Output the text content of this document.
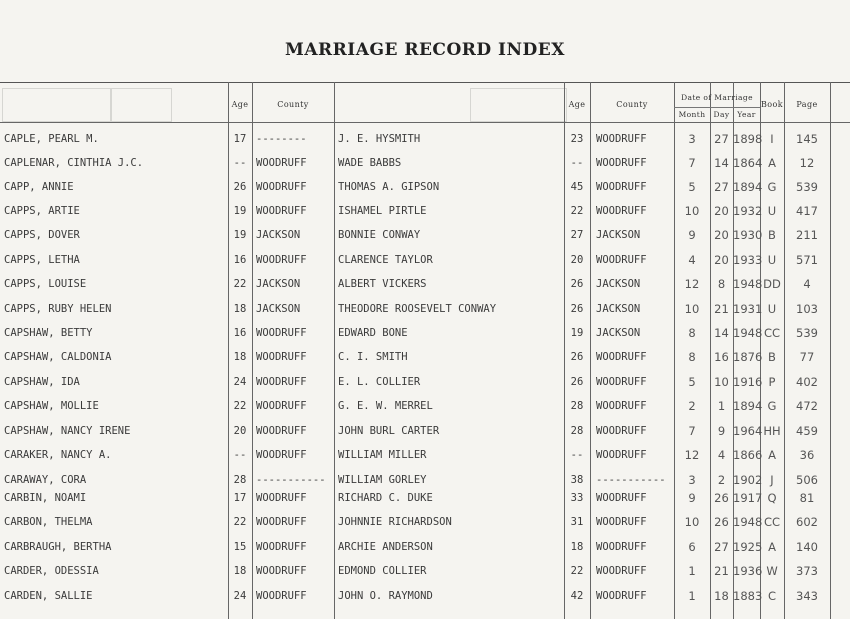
MARRIAGE RECORD INDEX
Age	County	Age	County
Date of Marriage
Month	Day	Year
Book	Page
CAPLE, PEARL M.	17 --------	J. E. HYSMITH	23	WOODRUFF	3	27 1898 I	145
CAPLENAR, CINTHIA J.C.	-- WOODRUFF	WADE BABBS	--	WOODRUFF	7	14 1864 A	12
CAPP, ANNIE	26 WOODRUFF	THOMAS A. GIPSON	45	WOODRUFF	5	27 1894 G	539
CAPPS, ARTIE	19 WOODRUFF	ISHAMEL PIRTLE	22	WOODRUFF	10	20 1932 U	417
CAPPS, DOVER	19 JACKSON	BONNIE CONWAY	27	JACKSON	9	20 1930 B	211
CAPPS, LETHA	16 WOODRUFF	CLARENCE TAYLOR	20	WOODRUFF	4	20 1933 U	571
CAPPS, LOUISE	22 JACKSON	ALBERT VICKERS	26	JACKSON	12	8 1948 DD	4
CAPPS, RUBY HELEN	18 JACKSON	THEODORE ROOSEVELT CONWAY	26	JACKSON	10	21 1931 U	103
CAPSHAW, BETTY	16 WOODRUFF	EDWARD BONE	19	JACKSON	8	14 1948 CC	539
CAPSHAW, CALDONIA	18 WOODRUFF	C. I. SMITH	26	WOODRUFF	8	16 1876 B	77
CAPSHAW, IDA	24 WOODRUFF	E. L. COLLIER	26	WOODRUFF	5	10 1916 P	402
CAPSHAW, MOLLIE	22 WOODRUFF	G. E. W. MERREL	28	WOODRUFF	2	1 1894 G	472
CAPSHAW, NANCY IRENE	20 WOODRUFF	JOHN BURL CARTER	28	WOODRUFF	7	9 1964 HH	459
CARAKER, NANCY A.	-- WOODRUFF	WILLIAM MILLER	--	WOODRUFF	12	4 1866 A	36
CARAWAY, CORA	28 -----------	WILLIAM GORLEY	38	-----------	3	2 1902 J	506
CARBIN, NOAMI	17 WOODRUFF	RICHARD C. DUKE	33	WOODRUFF	9	26 1917 Q	81
CARBON, THELMA	22 WOODRUFF	JOHNNIE RICHARDSON	31	WOODRUFF	10	26 1948 CC	602
CARBRAUGH, BERTHA	15 WOODRUFF	ARCHIE ANDERSON	18	WOODRUFF	6	27 1925 A	140
CARDER, ODESSIA	18 WOODRUFF	EDMOND COLLIER	22	WOODRUFF	1	21 1936 W	373
CARDEN, SALLIE	24 WOODRUFF	JOHN O. RAYMOND	42	WOODRUFF	1	18 1883 C	343
